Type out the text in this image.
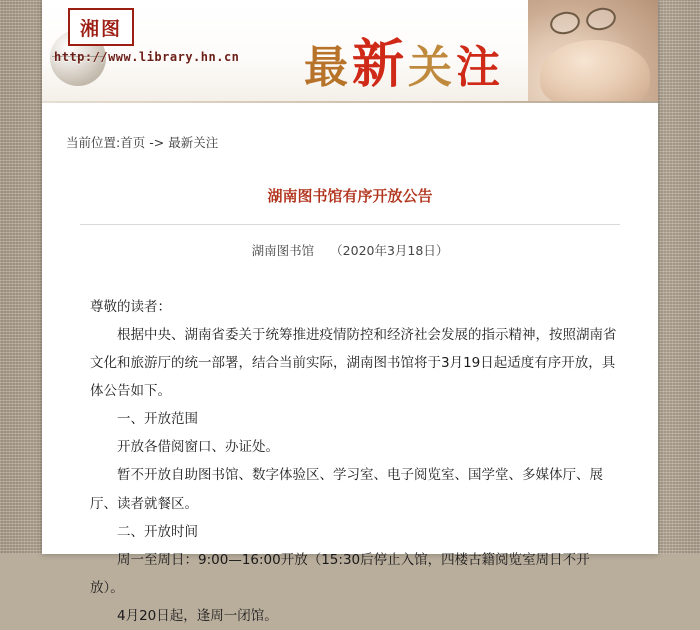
湘图
http://www.library.hn.cn 最新关注
当前位置:首页 -> 最新关注
湖南图书馆有序开放公告
湖南图书馆 （2020年3月18日）

尊敬的读者：

根据中央、湖南省委关于统筹推进疫情防控和经济社会发展的指示精神，按照湖南省文化和旅游厅的统一部署，结合当前实际，湖南图书馆将于3月19日起适度有序开放，具体公告如下。

一、开放范围

开放各借阅窗口、办证处。

暂不开放自助图书馆、数字体验区、学习室、电子阅览室、国学堂、多媒体厅、展厅、读者就餐区。

二、开放时间

周一至周日：9:00—16:00开放（15:30后停止入馆，四楼古籍阅览室周日不开放）。

4月20日起，逢周一闭馆。
